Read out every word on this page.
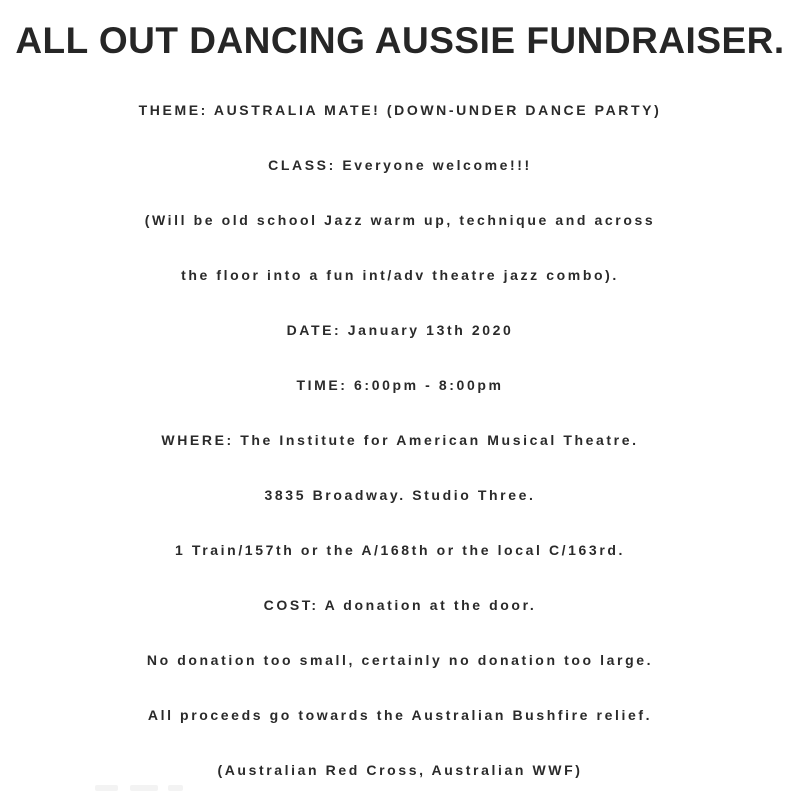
ALL OUT DANCING AUSSIE FUNDRAISER.
THEME: AUSTRALIA MATE! (DOWN-UNDER DANCE PARTY)
CLASS: Everyone welcome!!!
(Will be old school Jazz warm up, technique and across
the floor into a fun int/adv theatre jazz combo).
DATE: January 13th 2020
TIME: 6:00pm - 8:00pm
WHERE: The Institute for American Musical Theatre.
3835 Broadway. Studio Three.
1 Train/157th or the A/168th or the local C/163rd.
COST: A donation at the door.
No donation too small, certainly no donation too large.
All proceeds go towards the Australian Bushfire relief.
(Australian Red Cross, Australian WWF)
